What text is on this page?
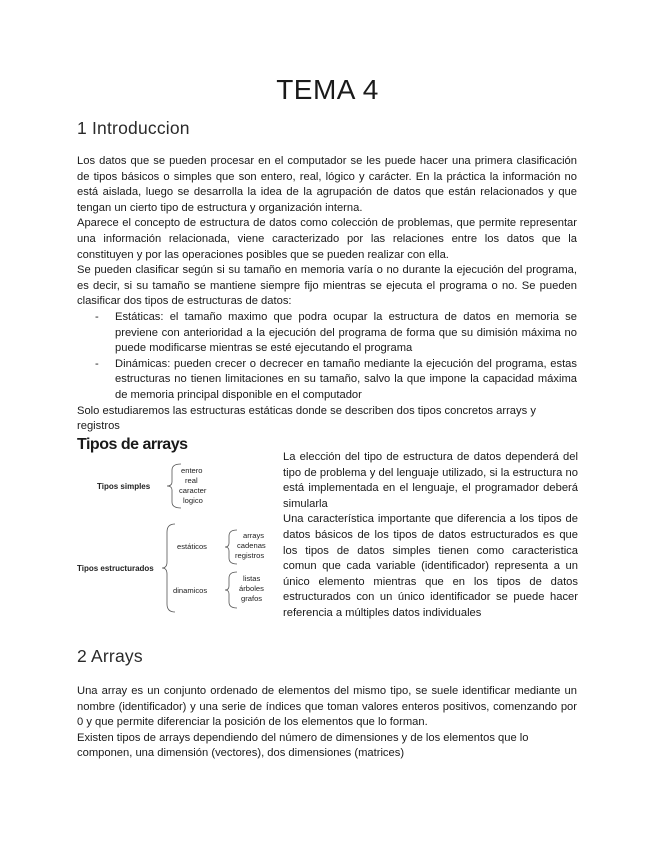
TEMA 4
1 Introduccion

Los datos que se pueden procesar en el computador se les puede hacer una primera clasificación de tipos básicos o simples que son entero, real, lógico y carácter. En la práctica la información no está aislada, luego se desarrolla la idea de la agrupación de datos que están relacionados y que tengan un cierto tipo de estructura y organización interna.

Aparece el concepto de estructura de datos como colección de problemas, que permite representar una información relacionada, viene caracterizado por las relaciones entre los datos que la constituyen y por las operaciones posibles que se pueden realizar con ella.

Se pueden clasificar según si su tamaño en memoria varía o no durante la ejecución del programa, es decir, si su tamaño se mantiene siempre fijo mientras se ejecuta el programa o no. Se pueden clasificar dos tipos de estructuras de datos:

- Estáticas: el tamaño maximo que podra ocupar la estructura de datos en memoria se previene con anterioridad a la ejecución del programa de forma que su dimisión máxima no puede modificarse mientras se esté ejecutando el programa
- Dinámicas: pueden crecer o decrecer en tamaño mediante la ejecución del programa, estas estructuras no tienen limitaciones en su tamaño, salvo la que impone la capacidad máxima de memoria principal disponible en el computador

Solo estudiaremos las estructuras estáticas donde se describen dos tipos concretos arrays y registros

Tipos de arrays
Tipos simples
entero
real
caracter
logico
Tipos estructurados
estáticos
arrays
cadenas
registros
dinamicos
listas
árboles
grafos

La elección del tipo de estructura de datos dependerá del tipo de problema y del lenguaje utilizado, si la estructura no está implementada en el lenguaje, el programador deberá simularla

Una característica importante que diferencia a los tipos de datos básicos de los tipos de datos estructurados es que los tipos de datos simples tienen como caracteristica comun que cada variable (identificador) representa a un único elemento mientras que en los tipos de datos estructurados con un único identificador se puede hacer referencia a múltiples datos individuales

2 Arrays

Una array es un conjunto ordenado de elementos del mismo tipo, se suele identificar mediante un nombre (identificador) y una serie de índices que toman valores enteros positivos, comenzando por 0 y que permite diferenciar la posición de los elementos que lo forman.

Existen tipos de arrays dependiendo del número de dimensiones y de los elementos que lo componen, una dimensión (vectores), dos dimensiones (matrices)
